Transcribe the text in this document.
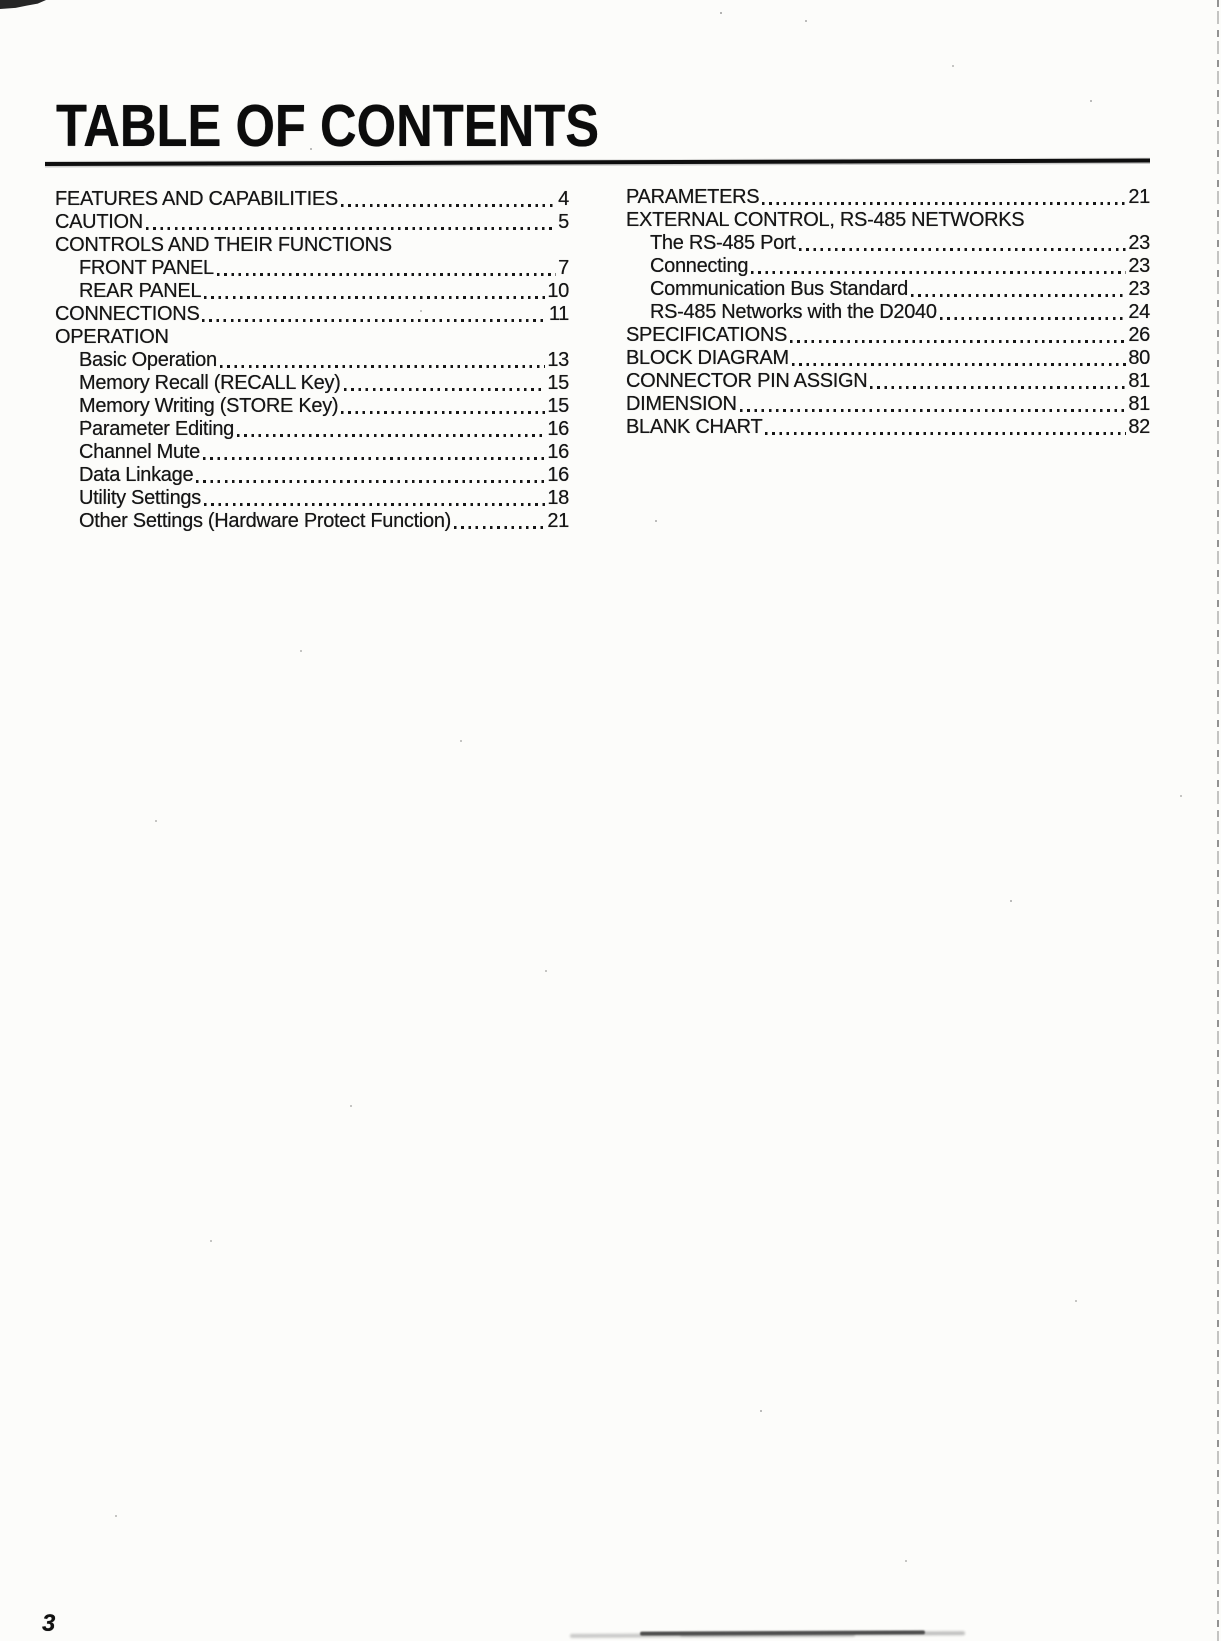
TABLE OF CONTENTS
FEATURES AND CAPABILITIES	4
CAUTION	5
CONTROLS AND THEIR FUNCTIONS
FRONT PANEL	7
REAR PANEL	10
CONNECTIONS	11
OPERATION
Basic Operation	13
Memory Recall (RECALL Key)	15
Memory Writing (STORE Key)	15
Parameter Editing	16
Channel Mute	16
Data Linkage	16
Utility Settings	18
Other Settings (Hardware Protect Function)	21
PARAMETERS	21
EXTERNAL CONTROL, RS-485 NETWORKS
The RS-485 Port	23
Connecting	23
Communication Bus Standard	23
RS-485 Networks with the D2040	24
SPECIFICATIONS	26
BLOCK DIAGRAM	80
CONNECTOR PIN ASSIGN	81
DIMENSION	81
BLANK CHART	82
3
